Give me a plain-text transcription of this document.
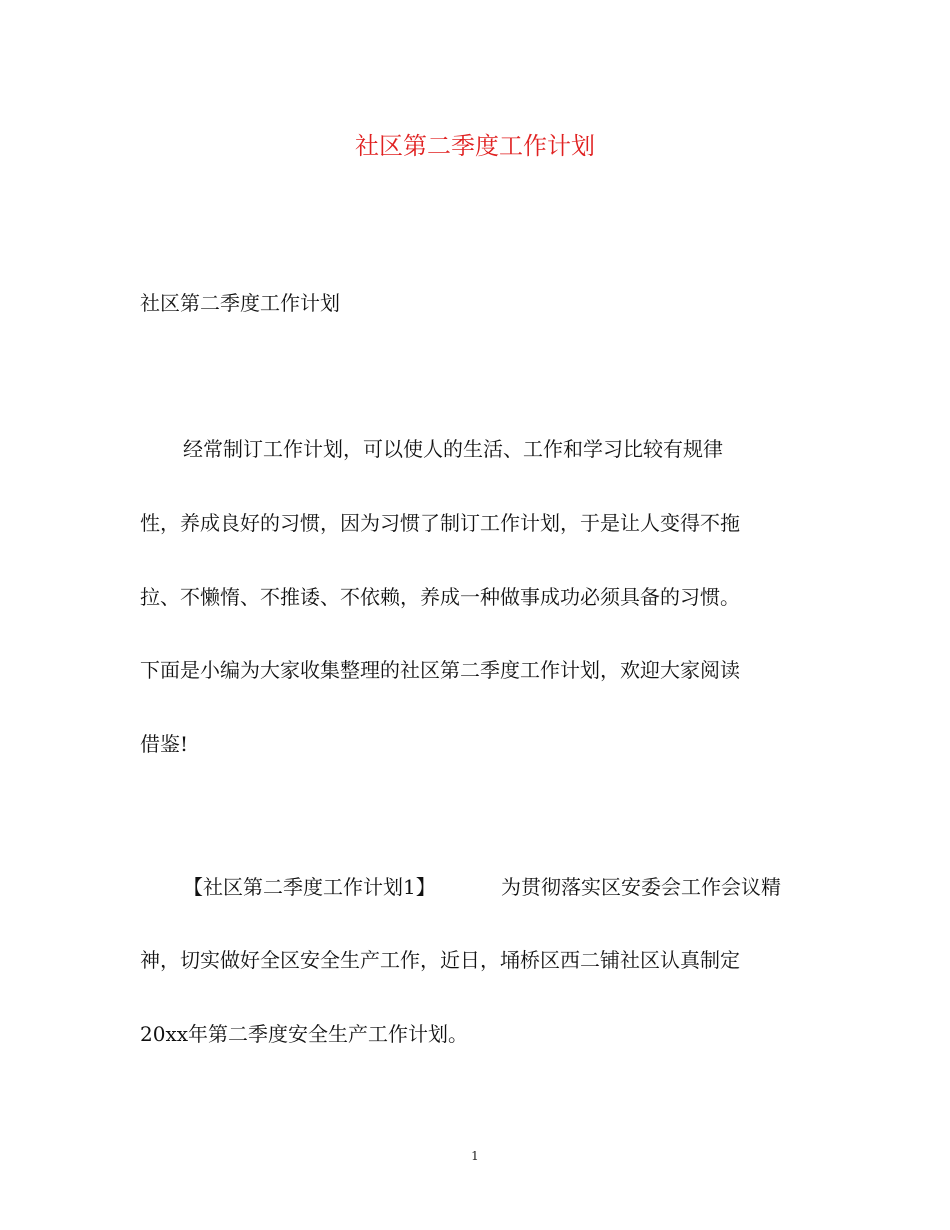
社区第二季度工作计划
社区第二季度工作计划
经常制订工作计划，可以使人的生活、工作和学习比较有规律
性，养成良好的习惯，因为习惯了制订工作计划，于是让人变得不拖
拉、不懒惰、不推诿、不依赖，养成一种做事成功必须具备的习惯。
下面是小编为大家收集整理的社区第二季度工作计划，欢迎大家阅读
借鉴!
【社区第二季度工作计划1】	为贯彻落实区安委会工作会议精
神，切实做好全区安全生产工作，近日，埇桥区西二铺社区认真制定
20xx年第二季度安全生产工作计划。
1
